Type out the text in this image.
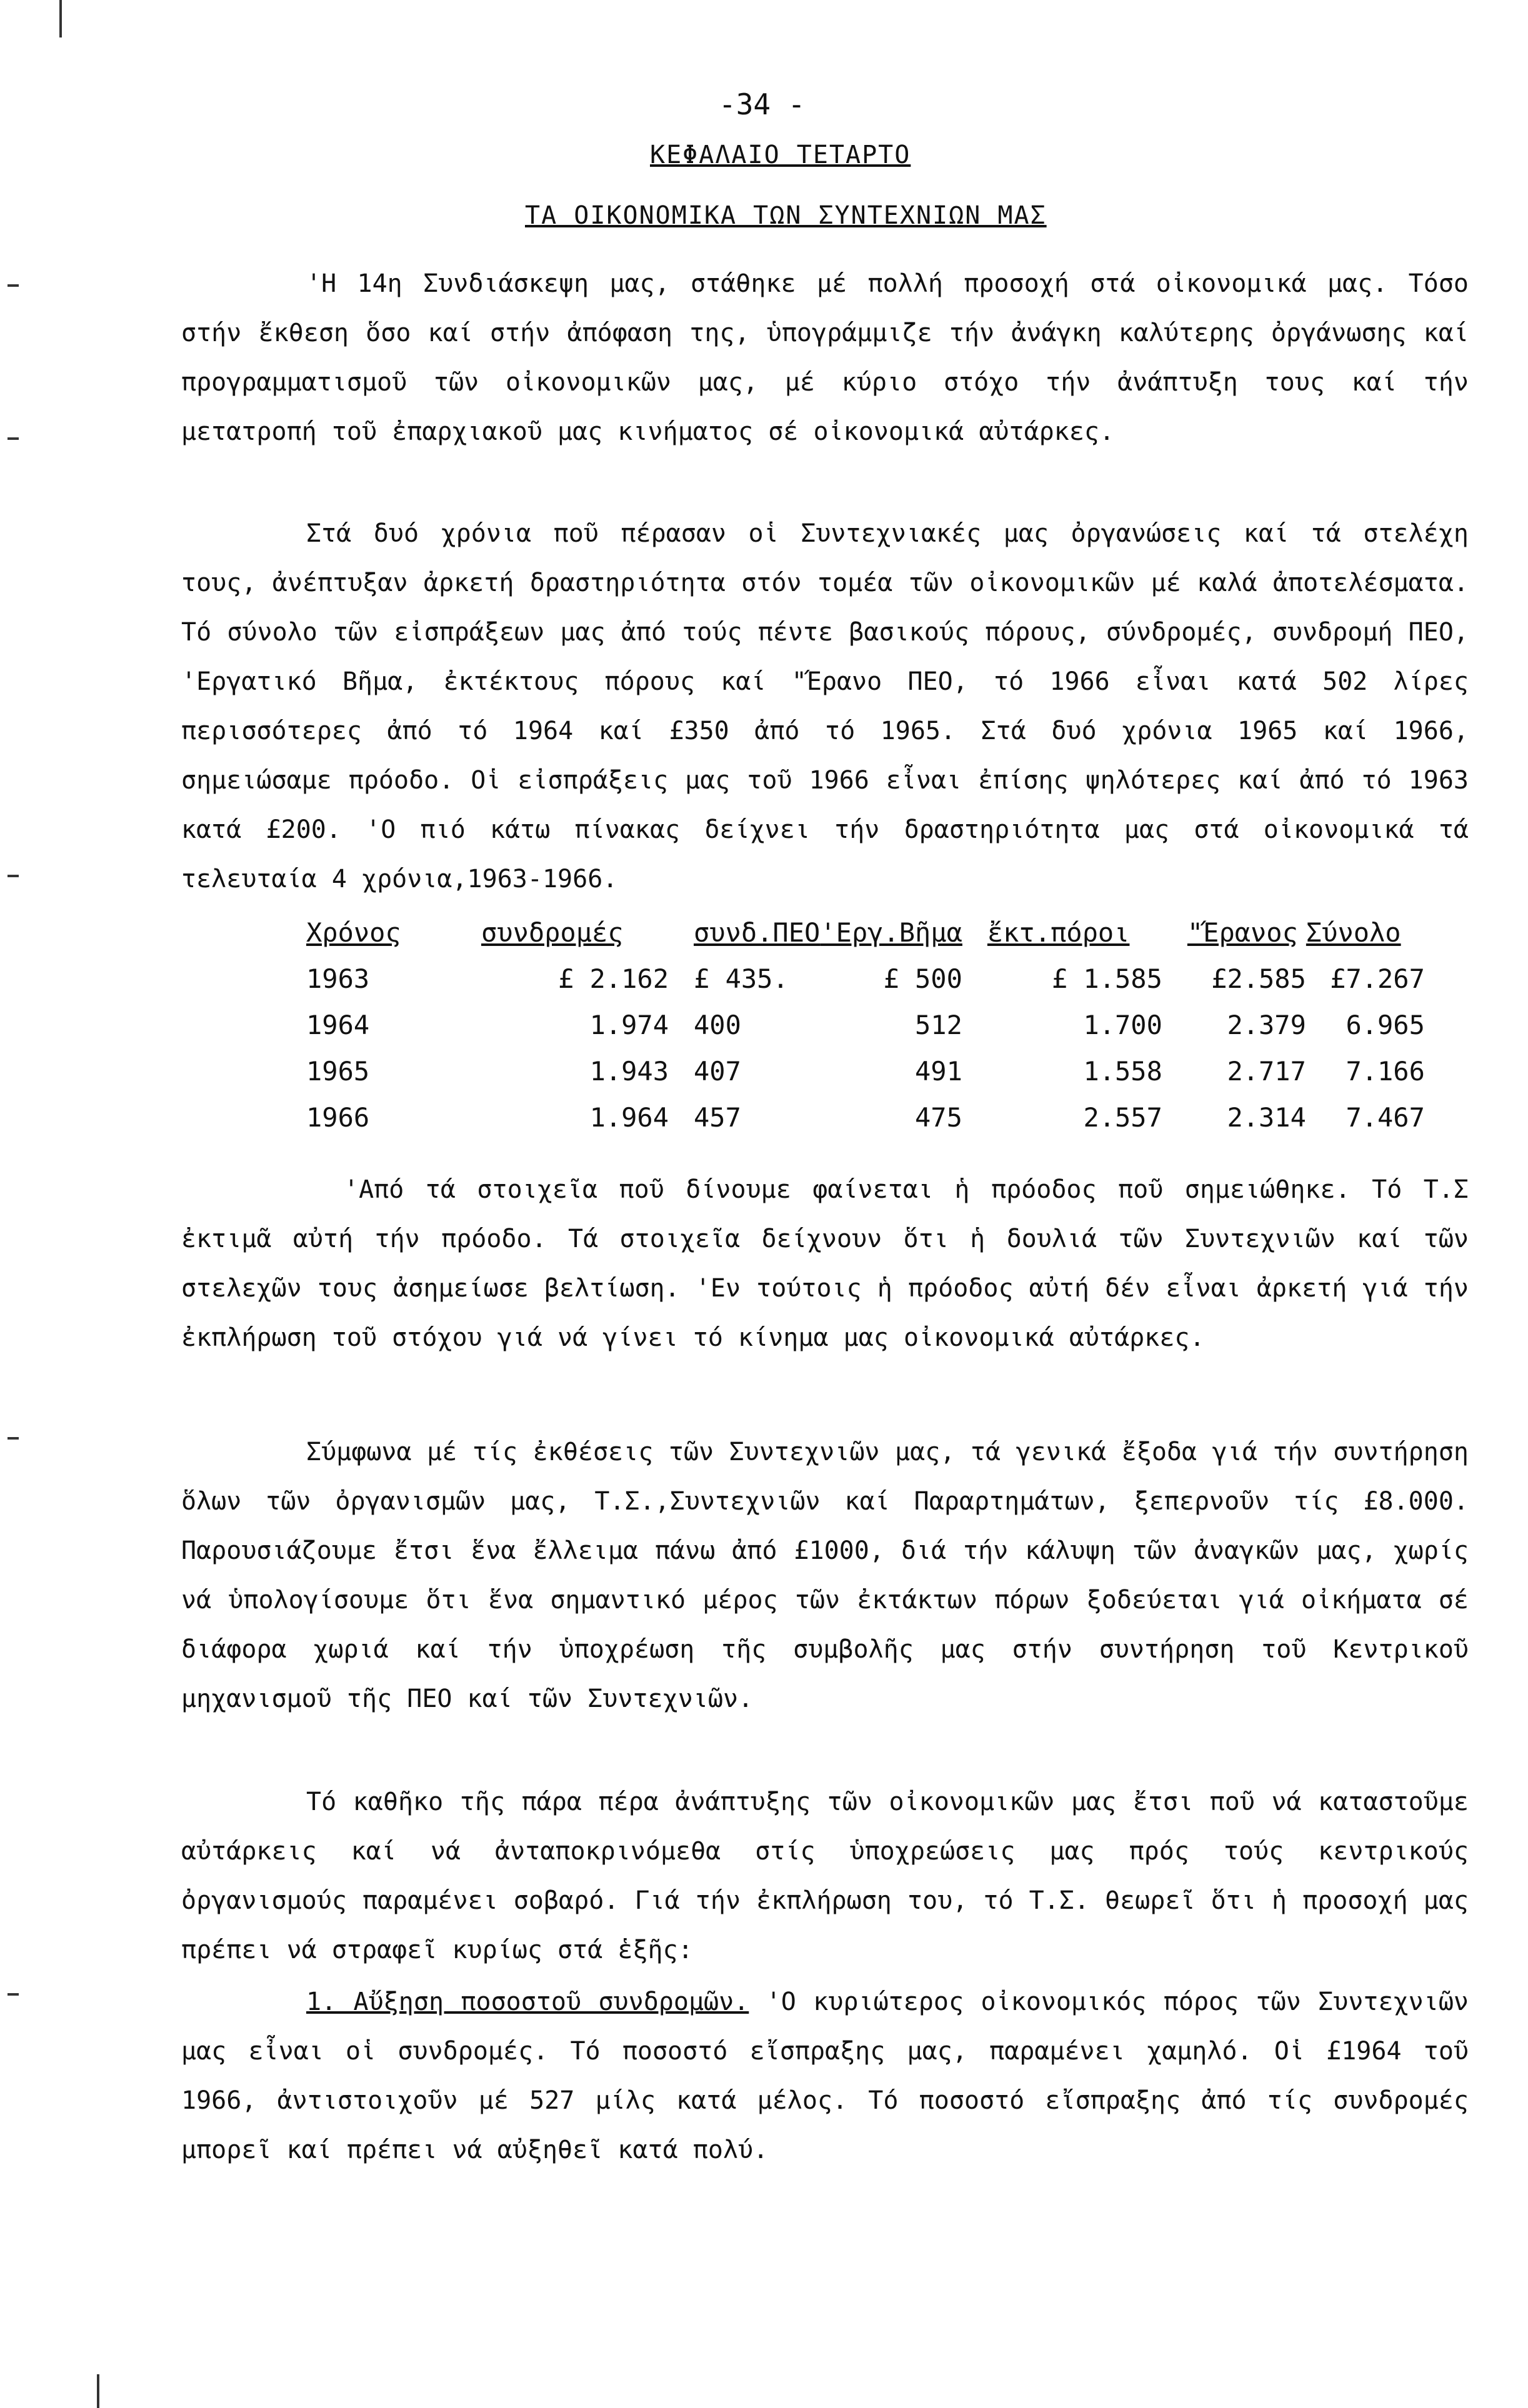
-34 -
ΚΕΦΑΛΑΙΟ ΤΕΤΑΡΤΟ
ΤΑ ΟΙΚΟΝΟΜΙΚΑ ΤΩΝ ΣΥΝΤΕΧΝΙΩΝ ΜΑΣ
'Η 14η Συνδιάσκεψη μας, στάθηκε μέ πολλή προσοχή στά οἰκονομικά μας. Τόσο στήν ἔκθεση ὅσο καί στήν ἀπόφαση της, ὑπογράμμιζε τήν ἀνάγκη καλύτερης ὀργάνωσης καί προγραμματισμοῦ τῶν οἰκονομικῶν μας, μέ κύριο στόχο τήν ἀνάπτυξη τους καί τήν μετατροπή τοῦ ἐπαρχιακοῦ μας κινήματος σέ οἰκονομικά αὐτάρκες.
Στά δυό χρόνια ποῦ πέρασαν οἱ Συντεχνιακές μας ὀργανώσεις καί τά στελέχη τους, ἀνέπτυξαν ἀρκετή δραστηριότητα στόν τομέα τῶν οἰκονομικῶν μέ καλά ἀποτελέσματα. Τό σύνολο τῶν εἰσπράξεων μας ἀπό τούς πέντε βασικούς πόρους, σύνδρομές, συνδρομή ΠΕΟ, 'Εργατικό Βῆμα, ἐκτέκτους πόρους καί "Έρανο ΠΕΟ, τό 1966 εἶναι κατά 502 λίρες περισσότερες ἀπό τό 1964 καί £350 ἀπό τό 1965. Στά δυό χρόνια 1965 καί 1966, σημειώσαμε πρόοδο. Οἱ εἰσπράξεις μας τοῦ 1966 εἶναι ἐπίσης ψηλότερες καί ἀπό τό 1963 κατά £200. 'Ο πιό κάτω πίνακας δείχνει τήν δραστηριότητα μας στά οἰκονομικά τά τελευταία 4 χρόνια,1963-1966.
Χρόνος	συνδρομές	συνδ.ΠΕΟ	'Εργ.Βῆμα	ἔκτ.πόροι	"Έρανος	Σύνολο
1963	£ 2.162	£ 435.	£ 500	£ 1.585	£2.585	£7.267
1964	1.974	400	512	1.700	2.379	6.965
1965	1.943	407	491	1.558	2.717	7.166
1966	1.964	457	475	2.557	2.314	7.467
'Από τά στοιχεῖα ποῦ δίνουμε φαίνεται ἡ πρόοδος ποῦ σημειώθηκε. Τό Τ.Σ ἐκτιμᾶ αὐτή τήν πρόοδο. Τά στοιχεῖα δείχνουν ὅτι ἡ δουλιά τῶν Συντεχνιῶν καί τῶν στελεχῶν τους ἀσημείωσε βελτίωση. 'Εν τούτοις ἡ πρόοδος αὐτή δέν εἶναι ἀρκετή γιά τήν ἐκπλήρωση τοῦ στόχου γιά νά γίνει τό κίνημα μας οἰκονομικά αὐτάρκες.
Σύμφωνα μέ τίς ἐκθέσεις τῶν Συντεχνιῶν μας, τά γενικά ἔξοδα γιά τήν συντήρηση ὅλων τῶν ὀργανισμῶν μας, Τ.Σ.,Συντεχνιῶν καί Παραρτημάτων, ξεπερνοῦν τίς £8.000. Παρουσιάζουμε ἔτσι ἕνα ἔλλειμα πάνω ἀπό £1000, διά τήν κάλυψη τῶν ἀναγκῶν μας, χωρίς νά ὑπολογίσουμε ὅτι ἕνα σημαντικό μέρος τῶν ἐκτάκτων πόρων ξοδεύεται γιά οἰκήματα σέ διάφορα χωριά καί τήν ὑποχρέωση τῆς συμβολῆς μας στήν συντήρηση τοῦ Κεντρικοῦ μηχανισμοῦ τῆς ΠΕΟ καί τῶν Συντεχνιῶν.
Τό καθῆκο τῆς πάρα πέρα ἀνάπτυξης τῶν οἰκονομικῶν μας ἔτσι ποῦ νά καταστοῦμε αὐτάρκεις καί νά ἀνταποκρινόμεθα στίς ὑποχρεώσεις μας πρός τούς κεντρικούς ὀργανισμούς παραμένει σοβαρό. Γιά τήν ἐκπλήρωση του, τό Τ.Σ. θεωρεῖ ὅτι ἡ προσοχή μας πρέπει νά στραφεῖ κυρίως στά ἑξῆς:
1. Αὔξηση ποσοστοῦ συνδρομῶν. 'Ο κυριώτερος οἰκονομικός πόρος τῶν Συντεχνιῶν μας εἶναι οἱ συνδρομές. Τό ποσοστό εἴσπραξης μας, παραμένει χαμηλό. Οἱ £1964 τοῦ 1966, ἀντιστοιχοῦν μέ 527 μίλς κατά μέλος. Τό ποσοστό εἴσπραξης ἀπό τίς συνδρομές μπορεῖ καί πρέπει νά αὐξηθεῖ κατά πολύ.
